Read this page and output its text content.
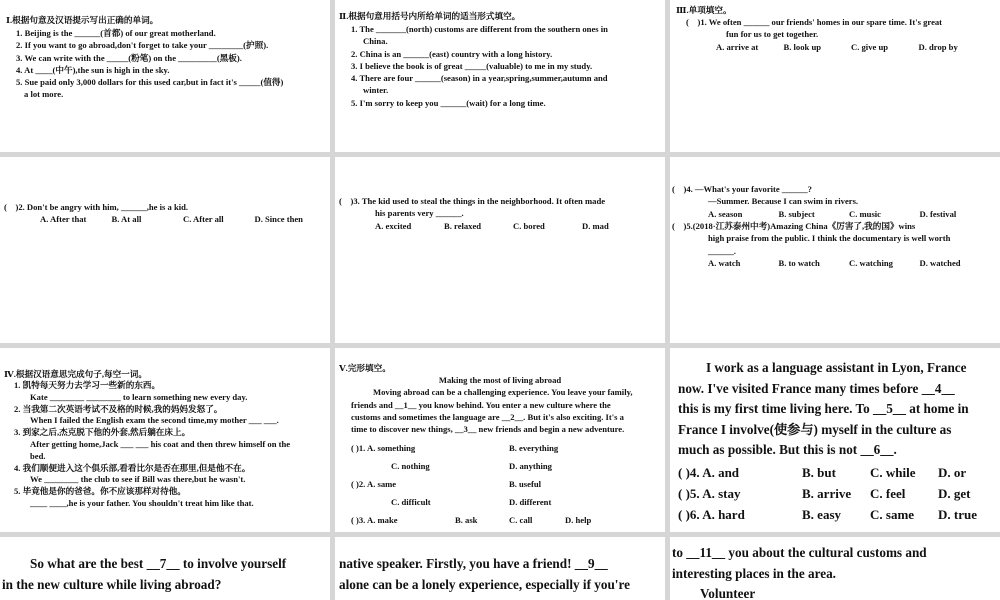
Ⅰ.根据句意及汉语提示写出正确的单词。

1. Beijing is the ______(首都) of our great motherland.

2. If you want to go abroad,don't forget to take your ________(护照).

3. We can write with the _____(粉笔) on the _________(黑板).

4. At ____(中午),the sun is high in the sky.

5. Sue paid only 3,000 dollars for this used car,but in fact it's _____(值得)

a lot more.

Ⅱ.根据句意用括号内所给单词的适当形式填空。

1. The _______(north) customs are different from the southern ones in

China.

2. China is an ______(east) country with a long history.

3. I believe the book is of great _____(valuable) to me in my study.

4. There are four ______(season) in a year,spring,summer,autumn and

winter.

5. I'm sorry to keep you ______(wait) for a long time.

Ⅲ.单项填空。

(    )1. We often ______ our friends' homes in our spare time. It's great

fun for us to get together.

A. arrive at	B. look up	C. give up	D. drop by

(    )2. Don't be angry with him, ______,he is a kid.

A. After that	B. At all	C. After all	D. Since then

(    )3. The kid used to steal the things in the neighborhood. It often made

his parents very ______.

A. excited	B. relaxed	C. bored	D. mad

(    )4. —What's your favorite ______?

—Summer. Because I can swim in rivers.

A. season	B. subject	C. music	D. festival

(    )5.(2018·江苏泰州中考)Amazing China《厉害了,我的国》wins

high praise from the public. I think the documentary is well worth

______.

A. watch	B. to watch	C. watching	D. watched

Ⅳ.根据汉语意思完成句子,每空一词。

1. 凯特每天努力去学习一些新的东西。

Kate ________ ________ to learn something new every day.

2. 当我第二次英语考试不及格的时候,我的妈妈发怒了。

When I failed the English exam the second time,my mother ___ ___.

3. 到家之后,杰克脱下他的外套,然后躺在床上。

After getting home,Jack ___ ___ his coat and then threw himself on the

bed.

4. 我们顺便进入这个俱乐部,看看比尔是否在那里,但是他不在。

We ________ the club to see if Bill was there,but he wasn't.

5. 毕竟他是你的爸爸。你不应该那样对待他。

____ ____,he is your father. You shouldn't treat him like that.

Ⅴ.完形填空。

Making the most of living abroad

Moving abroad can be a challenging experience. You leave your family,

friends and __1__ you know behind. You enter a new culture where the

customs and sometimes the language are __2__. But it's also exciting. It's a

time to discover new things, __3__ new friends and begin a new adventure.

( )1. A. something	B. everything
C. nothing	D. anything
( )2. A. same	B. useful
C. difficult	D. different
( )3. A. make	B. ask	C. call	D. help

I work as a language assistant in Lyon, France

now. I've visited France many times before __4__

this is my first time living here. To __5__ at home in

France I involve(使参与) myself in the culture as

much as possible. But this is not __6__.

( )4. A. and	B. but	C. while	D. or
( )5. A. stay	B. arrive	C. feel	D. get
( )6. A. hard	B. easy	C. same	D. true

So what are the best __7__ to involve yourself

in the new culture while living abroad?

native speaker. Firstly, you have a friend! __9__

alone can be a lonely experience, especially if you're

to __11__ you about the cultural customs and

interesting places in the area.

Volunteer
